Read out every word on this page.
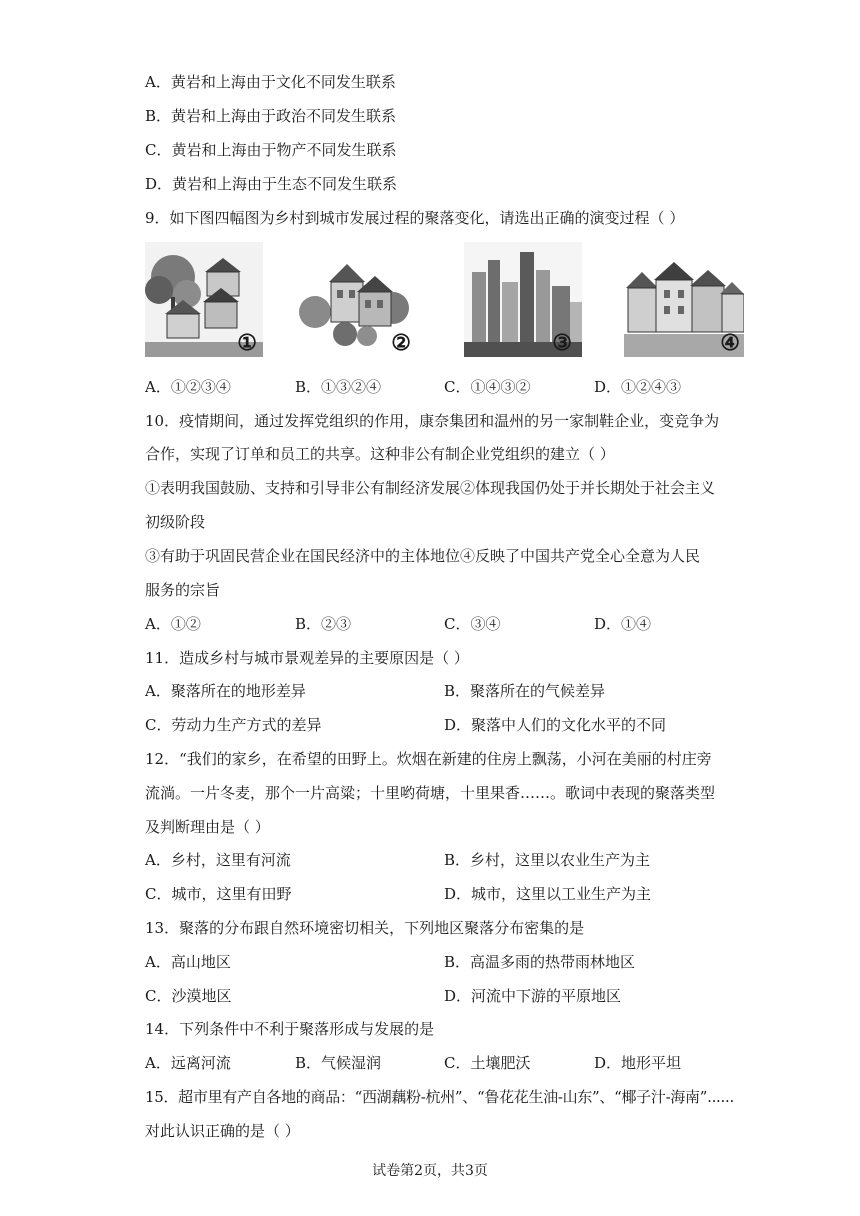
A．黄岩和上海由于文化不同发生联系
B．黄岩和上海由于政治不同发生联系
C．黄岩和上海由于物产不同发生联系
D．黄岩和上海由于生态不同发生联系
9．如下图四幅图为乡村到城市发展过程的聚落变化，请选出正确的演变过程（ ）
①	②	③	④
A．①②③④	B．①③②④	C．①④③②	D．①②④③
10．疫情期间，通过发挥党组织的作用，康奈集团和温州的另一家制鞋企业，变竞争为
合作，实现了订单和员工的共享。这种非公有制企业党组织的建立（ ）
①表明我国鼓励、支持和引导非公有制经济发展②体现我国仍处于并长期处于社会主义
初级阶段
③有助于巩固民营企业在国民经济中的主体地位④反映了中国共产党全心全意为人民
服务的宗旨
A．①②	B．②③	C．③④	D．①④
11．造成乡村与城市景观差异的主要原因是（ ）
A．聚落所在的地形差异	B．聚落所在的气候差异
C．劳动力生产方式的差异	D．聚落中人们的文化水平的不同
12．“我们的家乡，在希望的田野上。炊烟在新建的住房上飘荡，小河在美丽的村庄旁
流淌。一片冬麦，那个一片高粱；十里哟荷塘，十里果香……。歌词中表现的聚落类型
及判断理由是（ ）
A．乡村，这里有河流	B．乡村，这里以农业生产为主
C．城市，这里有田野	D．城市，这里以工业生产为主
13．聚落的分布跟自然环境密切相关，下列地区聚落分布密集的是
A．高山地区	B．高温多雨的热带雨林地区
C．沙漠地区	D．河流中下游的平原地区
14．下列条件中不利于聚落形成与发展的是
A．远离河流	B．气候湿润	C．土壤肥沃	D．地形平坦
15．超市里有产自各地的商品：“西湖藕粉-杭州”、“鲁花花生油-山东”、“椰子汁-海南”......
对此认识正确的是（ ）
试卷第2页，共3页
